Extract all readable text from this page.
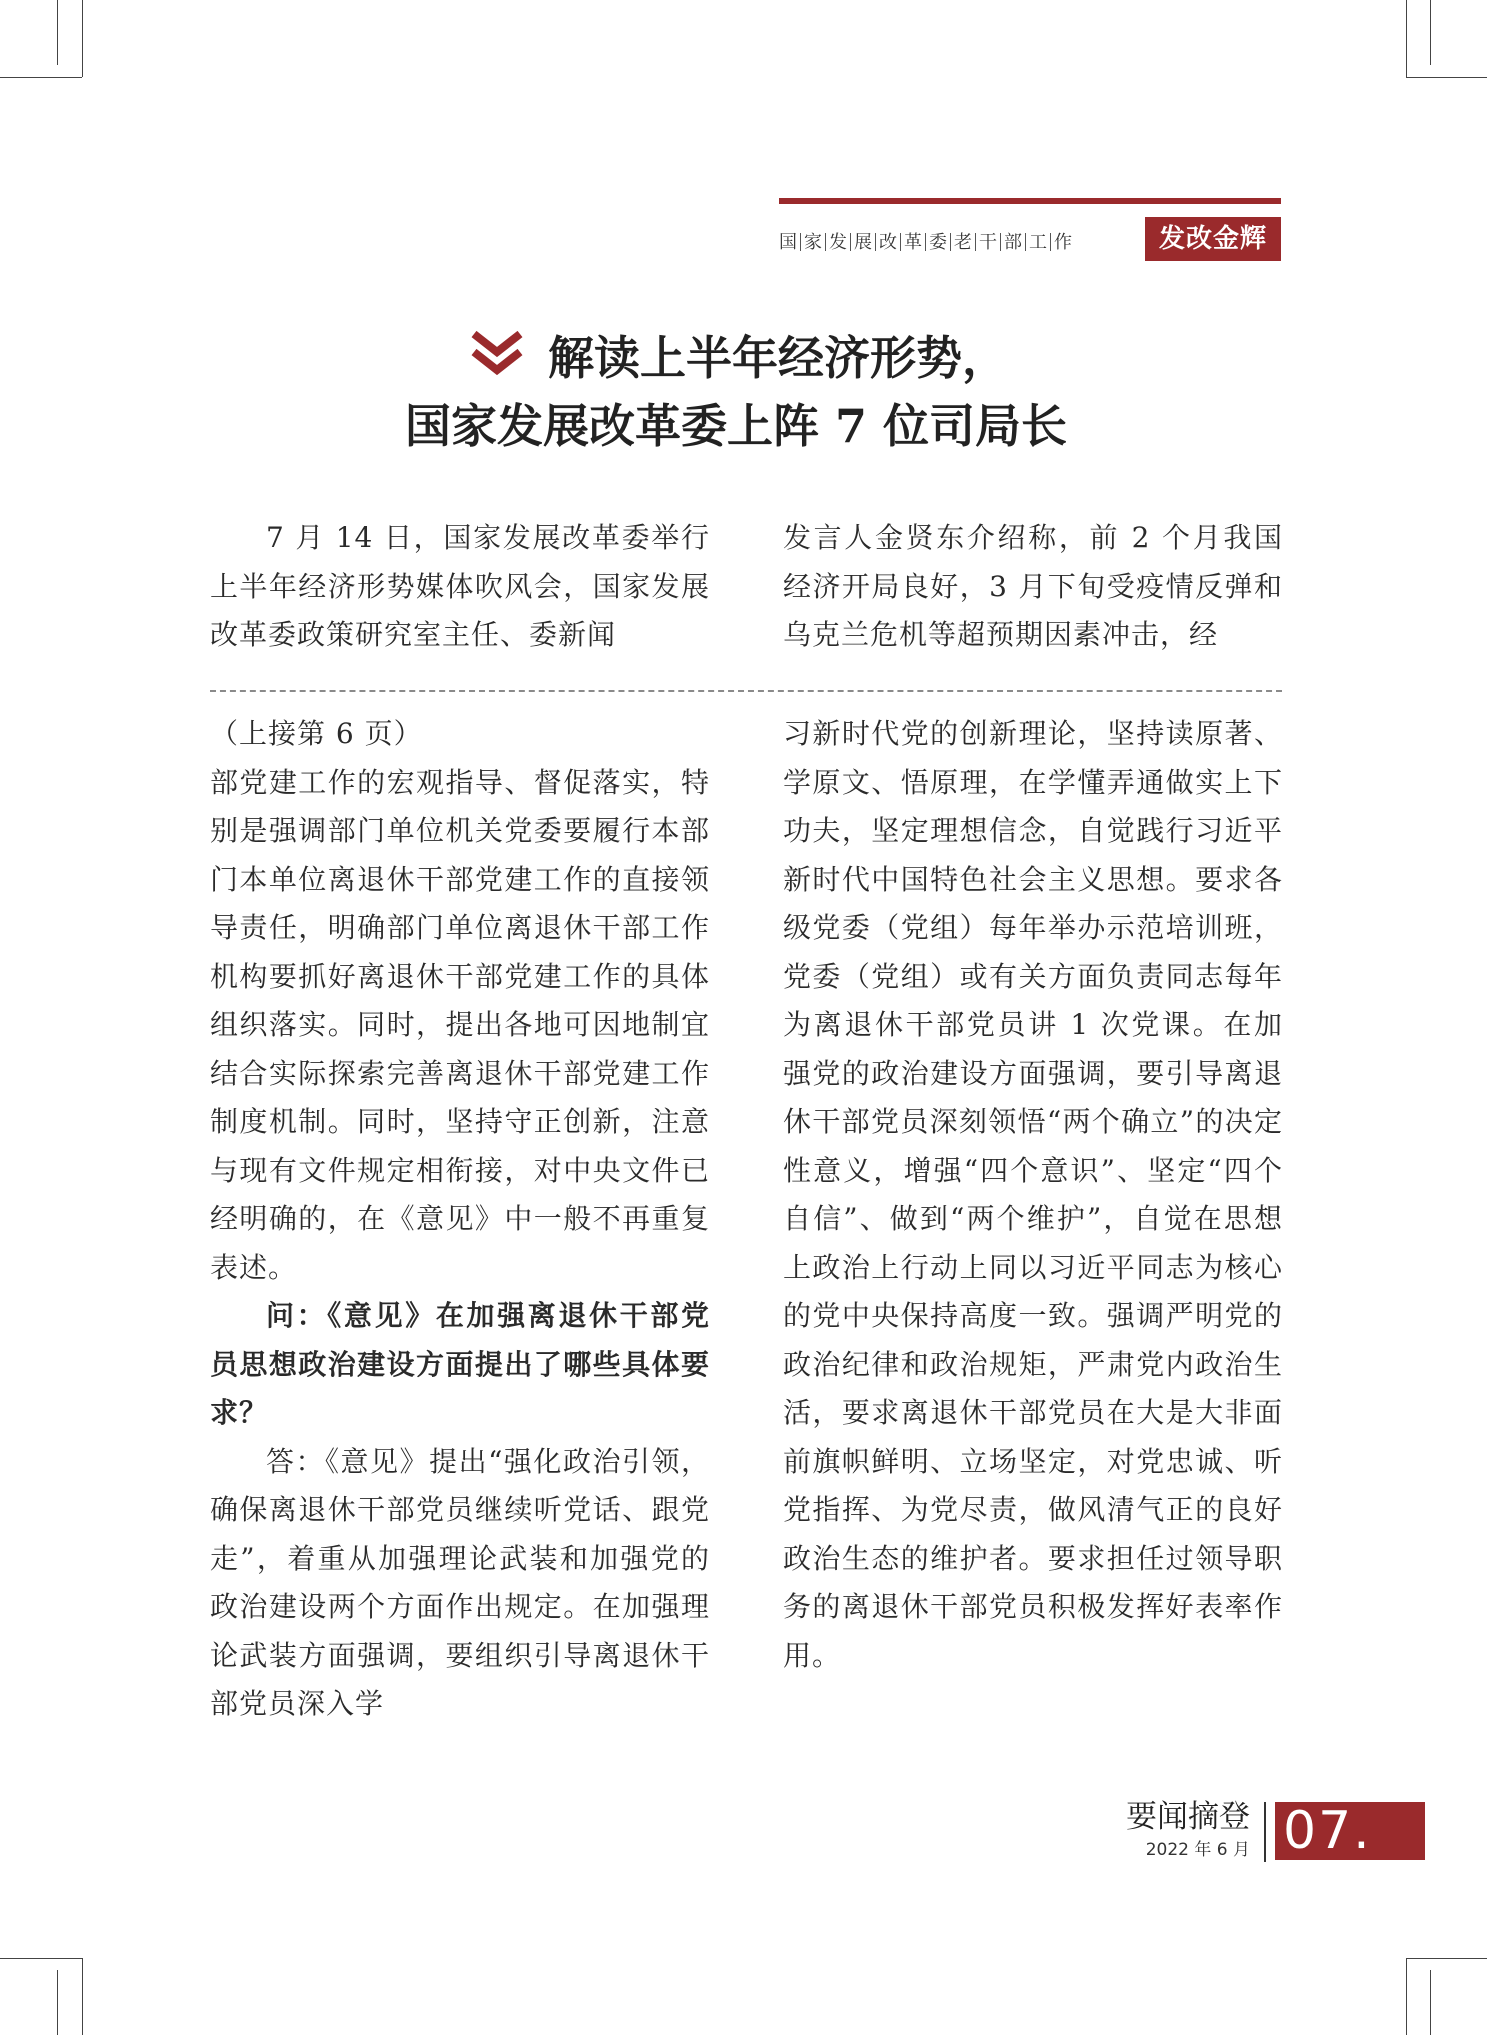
国 家 发 展 改 革 委 老 干 部 工 作	发改金辉
解读上半年经济形势，
国家发展改革委上阵 7 位司局长

7 月 14 日，国家发展改革委举行上半年经济形势媒体吹风会，国家发展改革委政策研究室主任、委新闻

发言人金贤东介绍称，前 2 个月我国经济开局良好，3 月下旬受疫情反弹和乌克兰危机等超预期因素冲击，经

（上接第 6 页）

部党建工作的宏观指导、督促落实，特别是强调部门单位机关党委要履行本部门本单位离退休干部党建工作的直接领导责任，明确部门单位离退休干部工作机构要抓好离退休干部党建工作的具体组织落实。同时，提出各地可因地制宜结合实际探索完善离退休干部党建工作制度机制。同时，坚持守正创新，注意与现有文件规定相衔接，对中央文件已经明确的，在《意见》中一般不再重复表述。

问：《意见》在加强离退休干部党员思想政治建设方面提出了哪些具体要求？

答：《意见》提出“强化政治引领，确保离退休干部党员继续听党话、跟党走”，着重从加强理论武装和加强党的政治建设两个方面作出规定。在加强理论武装方面强调，要组织引导离退休干部党员深入学

习新时代党的创新理论，坚持读原著、学原文、悟原理，在学懂弄通做实上下功夫，坚定理想信念，自觉践行习近平新时代中国特色社会主义思想。要求各级党委（党组）每年举办示范培训班，党委（党组）或有关方面负责同志每年为离退休干部党员讲 1 次党课。在加强党的政治建设方面强调，要引导离退休干部党员深刻领悟“两个确立”的决定性意义，增强“四个意识”、坚定“四个自信”、做到“两个维护”，自觉在思想上政治上行动上同以习近平同志为核心的党中央保持高度一致。强调严明党的政治纪律和政治规矩，严肃党内政治生活，要求离退休干部党员在大是大非面前旗帜鲜明、立场坚定，对党忠诚、听党指挥、为党尽责，做风清气正的良好政治生态的维护者。要求担任过领导职务的离退休干部党员积极发挥好表率作用。

要闻摘登
2022 年 6 月 07.
